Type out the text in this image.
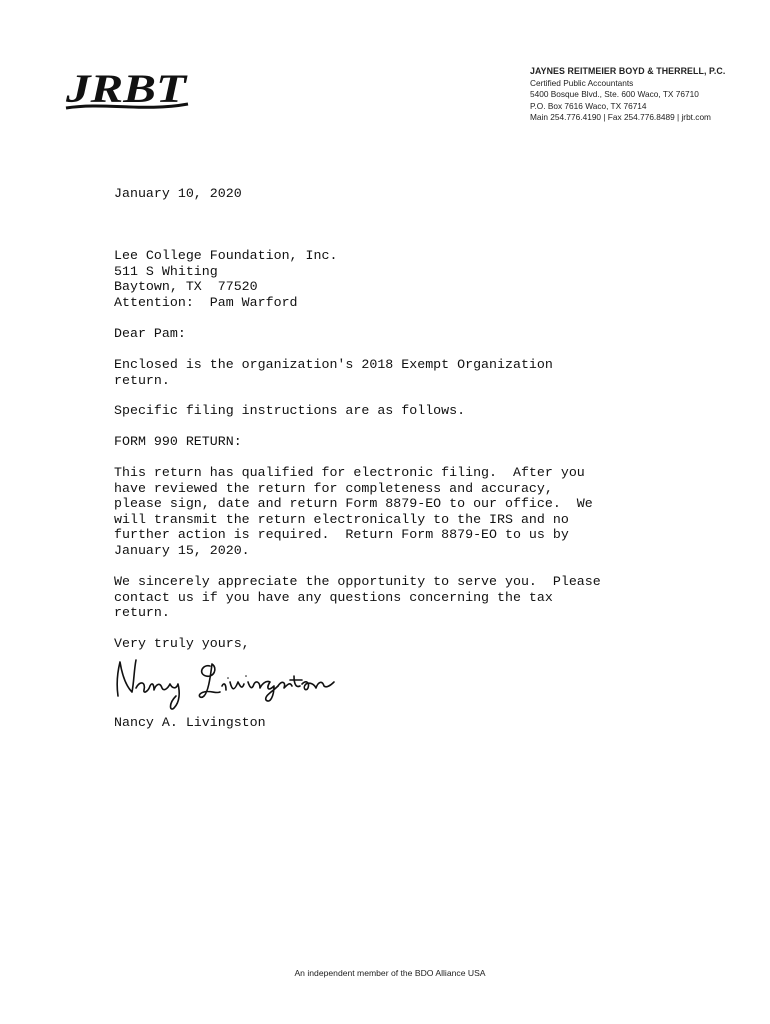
JRBT	JAYNES REITMEIER BOYD & THERRELL, P.C.
Certified Public Accountants
5400 Bosque Blvd., Ste. 600 Waco, TX 76710
P.O. Box 7616 Waco, TX 76714
Main 254.776.4190 | Fax 254.776.8489 | jrbt.com
January 10, 2020
Lee College Foundation, Inc.
511 S Whiting
Baytown, TX  77520
Attention:  Pam Warford
Dear Pam:
Enclosed is the organization's 2018 Exempt Organization
return.
Specific filing instructions are as follows.
FORM 990 RETURN:
This return has qualified for electronic filing.  After you
have reviewed the return for completeness and accuracy,
please sign, date and return Form 8879-EO to our office.  We
will transmit the return electronically to the IRS and no
further action is required.  Return Form 8879-EO to us by
January 15, 2020.
We sincerely appreciate the opportunity to serve you.  Please
contact us if you have any questions concerning the tax
return.
Very truly yours,
Nancy A. Livingston
An independent member of the BDO Alliance USA
